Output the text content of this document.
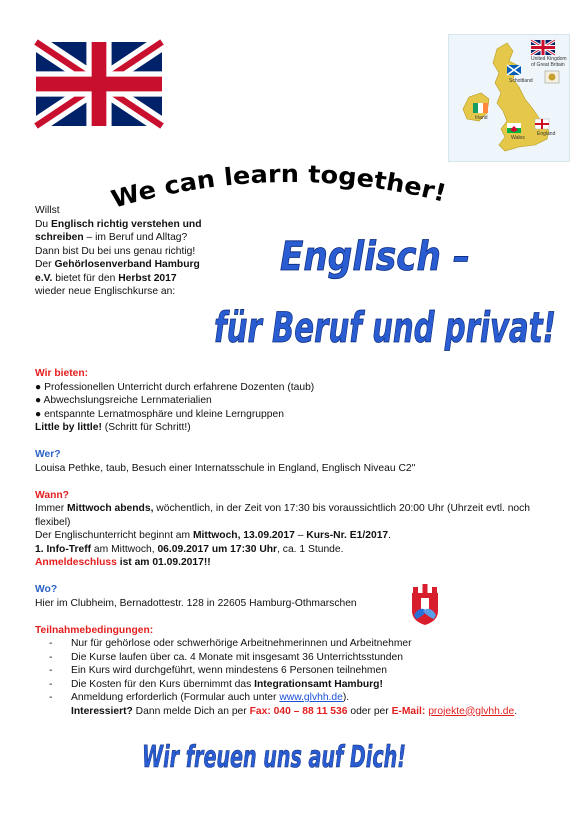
United Kingdom of Great Britain
Schottland
Irland
Wales
England
We can learn together!
Willst
Du Englisch richtig verstehen und schreiben – im Beruf und Alltag?
Dann bist Du bei uns genau richtig!
Der Gehörlosenverband Hamburg e.V. bietet für den Herbst 2017 wieder neue Englischkurse an:
Englisch –
für Beruf und privat!
Wir bieten:
● Professionellen Unterricht durch erfahrene Dozenten (taub)
● Abwechslungsreiche Lernmaterialien
● entspannte Lernatmosphäre und kleine Lerngruppen
Little by little! (Schritt für Schritt!)
Wer?
Louisa Pethke, taub, Besuch einer Internatsschule in England, Englisch Niveau C2"
Wann?
Immer Mittwoch abends, wöchentlich, in der Zeit von 17:30 bis voraussichtlich 20:00 Uhr (Uhrzeit evtl. noch flexibel)
Der Englischunterricht beginnt am Mittwoch, 13.09.2017 – Kurs-Nr. E1/2017.
1. Info-Treff am Mittwoch, 06.09.2017 um 17:30 Uhr, ca. 1 Stunde.
Anmeldeschluss ist am 01.09.2017!!
Wo?
Hier im Clubheim, Bernadottestr. 128 in 22605 Hamburg-Othmarschen
Teilnahmebedingungen:
- Nur für gehörlose oder schwerhörige Arbeitnehmerinnen und Arbeitnehmer
- Die Kurse laufen über ca. 4 Monate mit insgesamt 36 Unterrichtsstunden
- Ein Kurs wird durchgeführt, wenn mindestens 6 Personen teilnehmen
- Die Kosten für den Kurs übernimmt das Integrationsamt Hamburg!
- Anmeldung erforderlich (Formular auch unter www.glvhh.de).
Interessiert? Dann melde Dich an per Fax: 040 – 88 11 536 oder per E-Mail: projekte@glvhh.de.
Wir freuen uns auf Dich!
